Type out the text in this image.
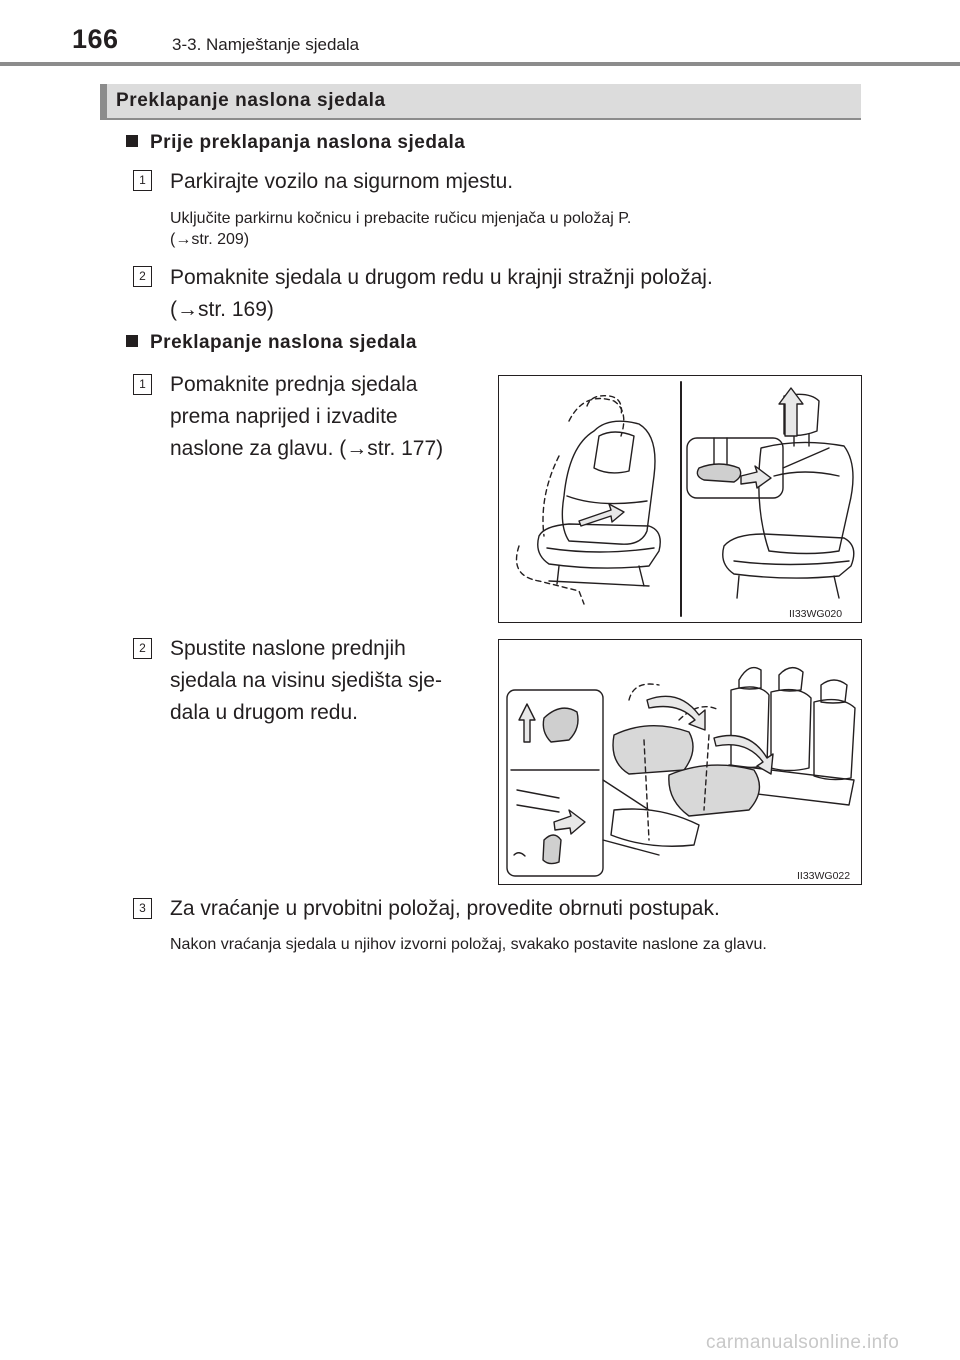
166	3-3. Namještanje sjedala
Preklapanje naslona sjedala
Prije preklapanja naslona sjedala
1 Parkirajte vozilo na sigurnom mjestu.
Uključite parkirnu kočnicu i prebacite ručicu mjenjača u položaj P.
(→str. 209)
2 Pomaknite sjedala u drugom redu u krajnji stražnji položaj.
(→str. 169)
Preklapanje naslona sjedala
1 Pomaknite prednja sjedala
prema naprijed i izvadite
naslone za glavu. (→str. 177)
II33WG020
2 Spustite naslone prednjih
sjedala na visinu sjedišta sje-
dala u drugom redu.
II33WG022
3 Za vraćanje u prvobitni položaj, provedite obrnuti postupak.
Nakon vraćanja sjedala u njihov izvorni položaj, svakako postavite naslone za glavu.
carmanualsonline.info
